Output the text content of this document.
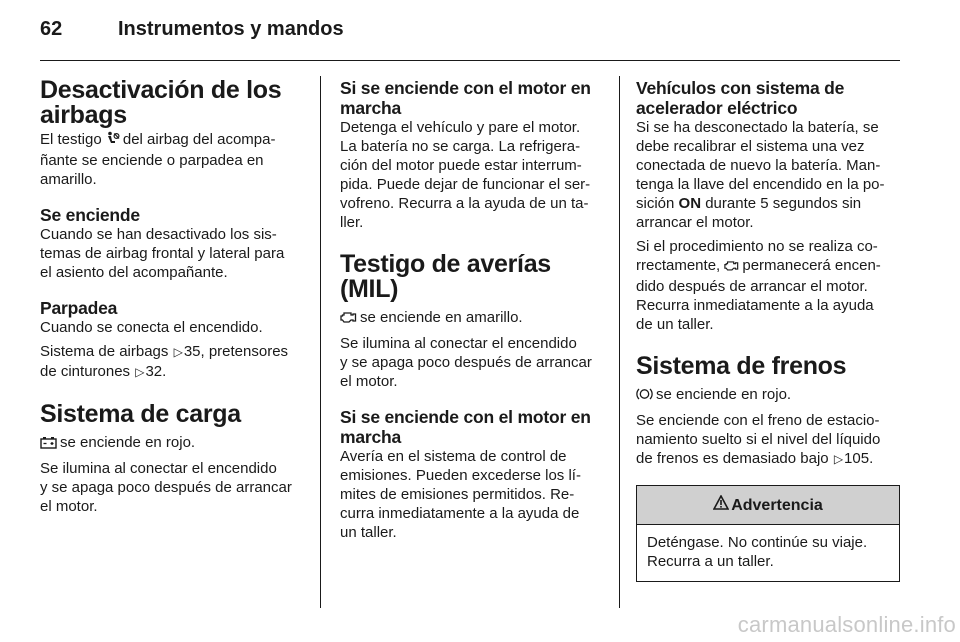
62	Instrumentos y mandos
Desactivación de los
airbags

El testigo del airbag del acompa-
ñante se enciende o parpadea en
amarillo.

Se enciende

Cuando se han desactivado los sis-
temas de airbag frontal y lateral para
el asiento del acompañante.

Parpadea

Cuando se conecta el encendido.

Sistema de airbags ▷35, pretensores
de cinturones ▷32.

Sistema de carga

se enciende en rojo.

Se ilumina al conectar el encendido
y se apaga poco después de arrancar
el motor.

Si se enciende con el motor en
marcha

Detenga el vehículo y pare el motor.
La batería no se carga. La refrigera-
ción del motor puede estar interrum-
pida. Puede dejar de funcionar el ser-
vofreno. Recurra a la ayuda de un ta-
ller.

Testigo de averías (MIL)

se enciende en amarillo.

Se ilumina al conectar el encendido
y se apaga poco después de arrancar
el motor.

Si se enciende con el motor en
marcha

Avería en el sistema de control de
emisiones. Pueden excederse los lí-
mites de emisiones permitidos. Re-
curra inmediatamente a la ayuda de
un taller.

Vehículos con sistema de
acelerador eléctrico

Si se ha desconectado la batería, se
debe recalibrar el sistema una vez
conectada de nuevo la batería. Man-
tenga la llave del encendido en la po-
sición ON durante 5 segundos sin
arrancar el motor.

Si el procedimiento no se realiza co-
rrectamente, permanecerá encen-
dido después de arrancar el motor.
Recurra inmediatamente a la ayuda
de un taller.

Sistema de frenos

se enciende en rojo.

Se enciende con el freno de estacio-
namiento suelto si el nivel del líquido
de frenos es demasiado bajo ▷105.

Advertencia
Deténgase. No continúe su viaje.
Recurra a un taller.
carmanualsonline.info
